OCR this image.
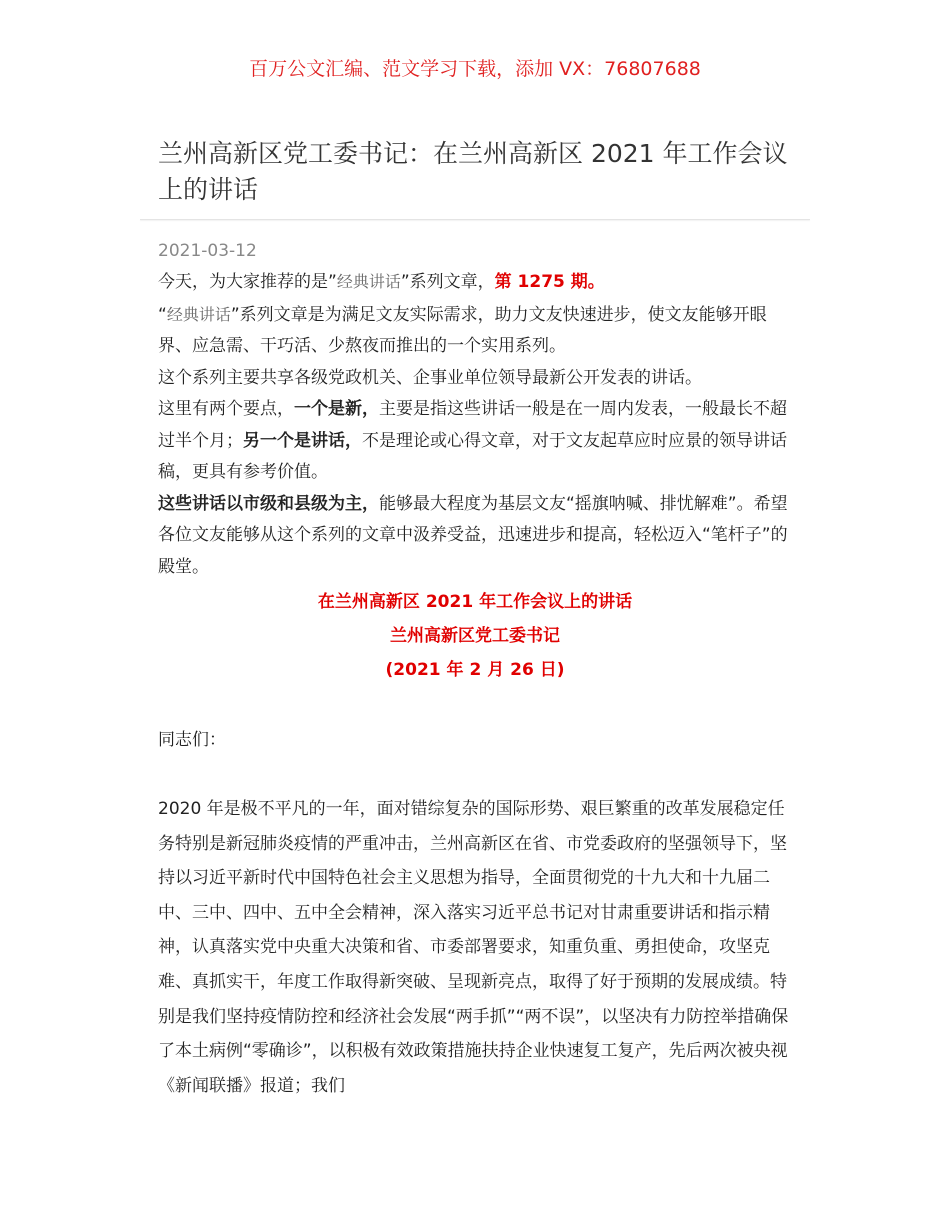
百万公文汇编、范文学习下载，添加 VX：76807688
兰州高新区党工委书记：在兰州高新区 2021 年工作会议上的讲话
2021-03-12

今天，为大家推荐的是”经典讲话”系列文章，第 1275 期。

“经典讲话”系列文章是为满足文友实际需求，助力文友快速进步，使文友能够开眼界、应急需、干巧活、少熬夜而推出的一个实用系列。

这个系列主要共享各级党政机关、企事业单位领导最新公开发表的讲话。

这里有两个要点，一个是新，主要是指这些讲话一般是在一周内发表，一般最长不超过半个月；另一个是讲话，不是理论或心得文章，对于文友起草应时应景的领导讲话稿，更具有参考价值。

这些讲话以市级和县级为主，能够最大程度为基层文友“摇旗呐喊、排忧解难”。希望各位文友能够从这个系列的文章中汲养受益，迅速进步和提高，轻松迈入“笔杆子”的殿堂。

在兰州高新区 2021 年工作会议上的讲话
兰州高新区党工委书记
(2021 年 2 月 26 日)
同志们：

2020 年是极不平凡的一年，面对错综复杂的国际形势、艰巨繁重的改革发展稳定任务特别是新冠肺炎疫情的严重冲击，兰州高新区在省、市党委政府的坚强领导下，坚持以习近平新时代中国特色社会主义思想为指导，全面贯彻党的十九大和十九届二中、三中、四中、五中全会精神，深入落实习近平总书记对甘肃重要讲话和指示精神，认真落实党中央重大决策和省、市委部署要求，知重负重、勇担使命，攻坚克难、真抓实干，年度工作取得新突破、呈现新亮点，取得了好于预期的发展成绩。特别是我们坚持疫情防控和经济社会发展“两手抓”“两不误”，以坚决有力防控举措确保了本土病例“零确诊”，以积极有效政策措施扶持企业快速复工复产，先后两次被央视《新闻联播》报道；我们
